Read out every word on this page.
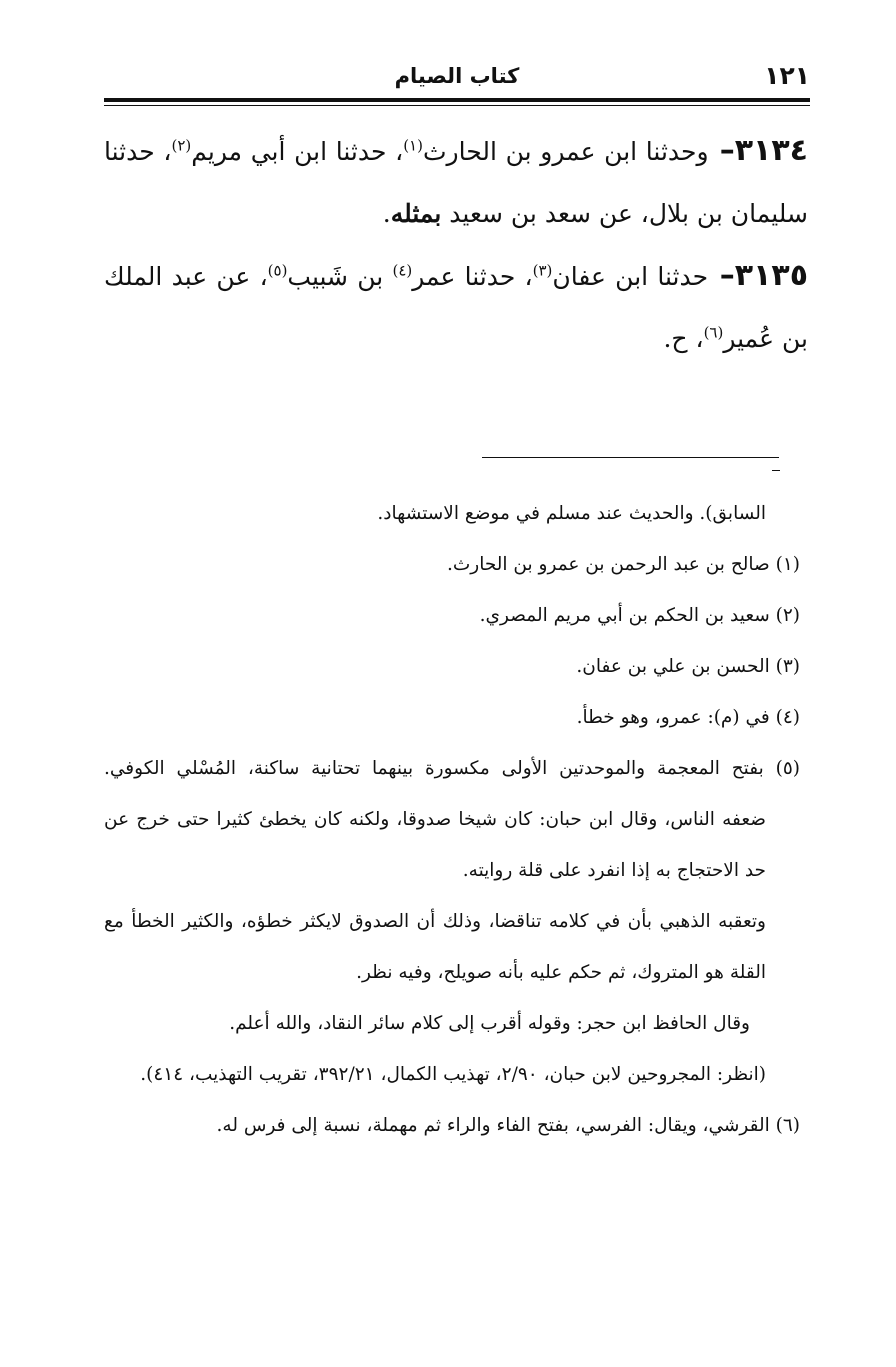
كتاب الصيام	١٢١

٣١٣٤– وحدثنا ابن عمرو بن الحارث$^{(١)}$، حدثنا ابن أبي مريم$^{(٢)}$، حدثنا سليمان بن بلال، عن سعد بن سعيد بمثله.

٣١٣٥– حدثنا ابن عفان$^{(٣)}$، حدثنا عمر$^{(٤)}$ بن شَبيب$^{(٥)}$، عن عبد الملك بن عُمير$^{(٦)}$، ح.

السابق). والحديث عند مسلم في موضع الاستشهاد.

(١) صالح بن عبد الرحمن بن عمرو بن الحارث.

(٢) سعيد بن الحكم بن أبي مريم المصري.

(٣) الحسن بن علي بن عفان.

(٤) في (م): عمرو، وهو خطأ.

(٥) بفتح المعجمة والموحدتين الأولى مكسورة بينهما تحتانية ساكنة، المُسْلي الكوفي.

ضعفه الناس، وقال ابن حبان: كان شيخا صدوقا، ولكنه كان يخطئ كثيرا حتى خرج عن حد الاحتجاج به إذا انفرد على قلة روايته.

وتعقبه الذهبي بأن في كلامه تناقضا، وذلك أن الصدوق لايكثر خطؤه، والكثير الخطأ مع القلة هو المتروك، ثم حكم عليه بأنه صويلح، وفيه نظر.

وقال الحافظ ابن حجر: وقوله أقرب إلى كلام سائر النقاد، والله أعلم.

(انظر: المجروحين لابن حبان، ٢/٩٠، تهذيب الكمال، ٣٩٢/٢١، تقريب التهذيب، ٤١٤).

(٦) القرشي، ويقال: الفرسي، بفتح الفاء والراء ثم مهملة، نسبة إلى فرس له.
